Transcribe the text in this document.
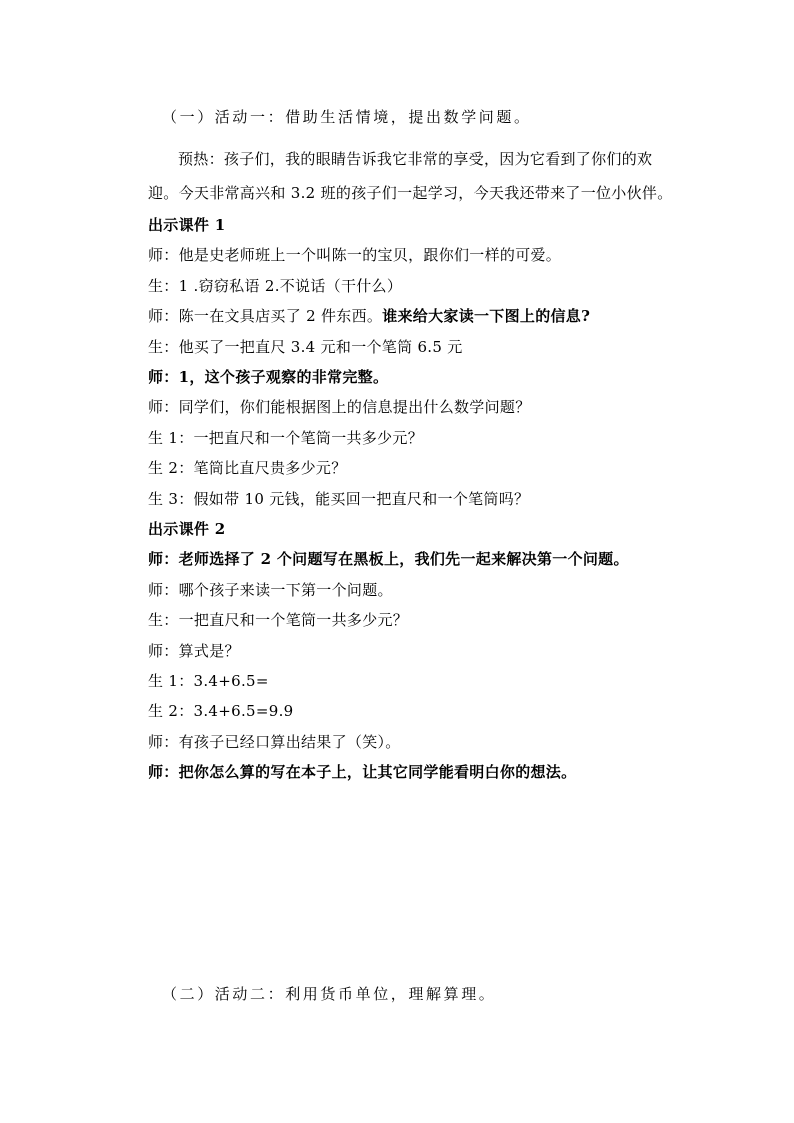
（一）活动一：借助生活情境，提出数学问题。
预热：孩子们，我的眼睛告诉我它非常的享受，因为它看到了你们的欢
迎。今天非常高兴和 3.2 班的孩子们一起学习，今天我还带来了一位小伙伴。
出示课件 1
师：他是史老师班上一个叫陈一的宝贝，跟你们一样的可爱。
生：1 .窃窃私语 2.不说话（干什么）
师：陈一在文具店买了 2 件东西。谁来给大家读一下图上的信息?
生：他买了一把直尺 3.4 元和一个笔筒 6.5 元
师：1，这个孩子观察的非常完整。
师：同学们，你们能根据图上的信息提出什么数学问题？
生 1：一把直尺和一个笔筒一共多少元？
生 2：笔筒比直尺贵多少元？
生 3：假如带 10 元钱，能买回一把直尺和一个笔筒吗？
出示课件 2
师：老师选择了 2 个问题写在黑板上，我们先一起来解决第一个问题。
师：哪个孩子来读一下第一个问题。
生：一把直尺和一个笔筒一共多少元？
师：算式是？
生 1：3.4+6.5=
生 2：3.4+6.5=9.9
师：有孩子已经口算出结果了（笑）。
师：把你怎么算的写在本子上，让其它同学能看明白你的想法。
（二）活动二：利用货币单位，理解算理。
